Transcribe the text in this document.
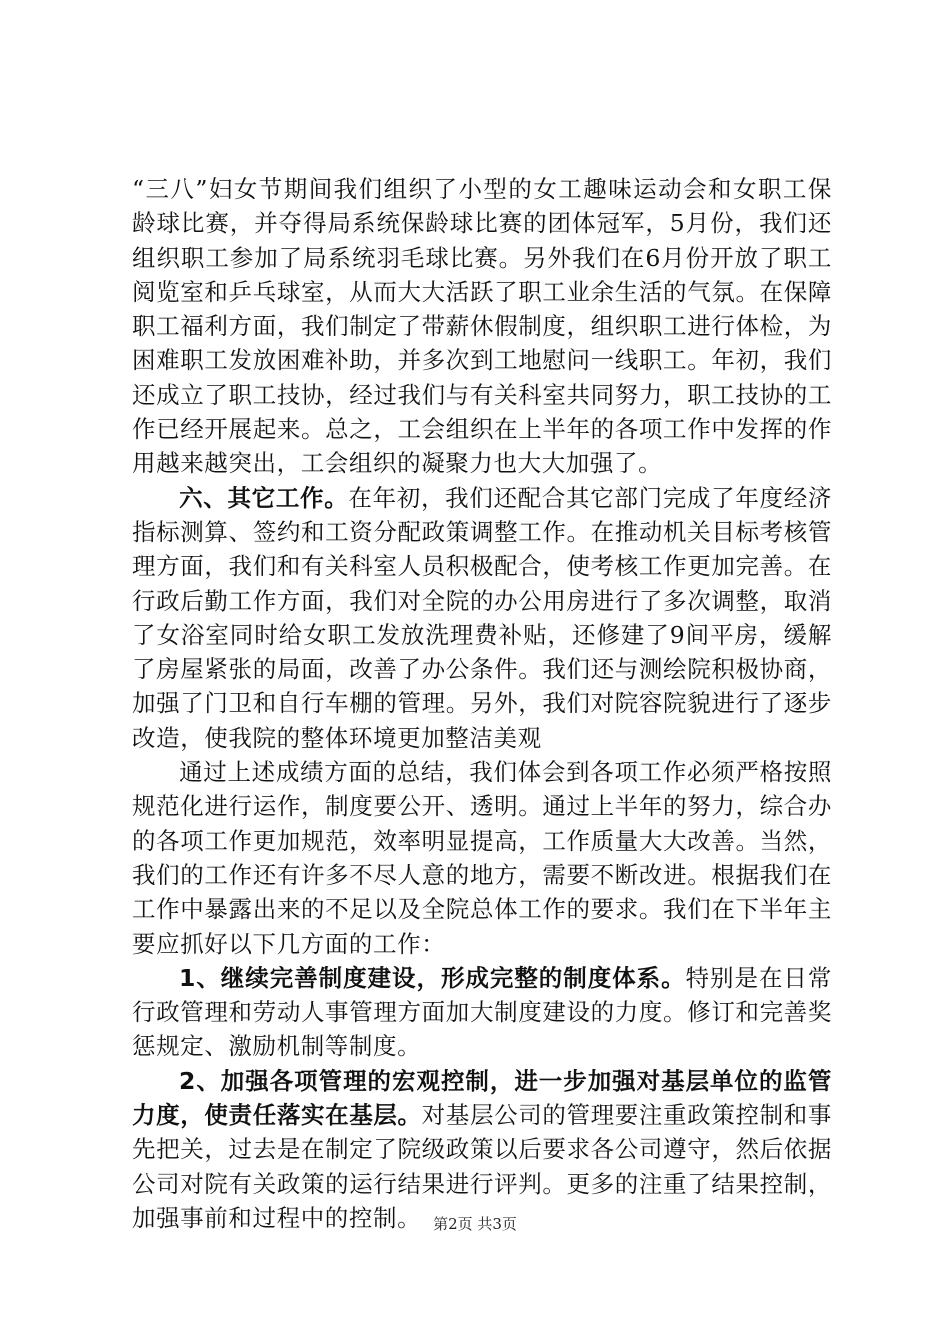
“三八”妇女节期间我们组织了小型的女工趣味运动会和女职工保龄球比赛，并夺得局系统保龄球比赛的团体冠军，5月份，我们还组织职工参加了局系统羽毛球比赛。另外我们在6月份开放了职工阅览室和乒乓球室，从而大大活跃了职工业余生活的气氛。在保障职工福利方面，我们制定了带薪休假制度，组织职工进行体检，为困难职工发放困难补助，并多次到工地慰问一线职工。年初，我们还成立了职工技协，经过我们与有关科室共同努力，职工技协的工作已经开展起来。总之，工会组织在上半年的各项工作中发挥的作用越来越突出，工会组织的凝聚力也大大加强了。

六、其它工作。在年初，我们还配合其它部门完成了年度经济指标测算、签约和工资分配政策调整工作。在推动机关目标考核管理方面，我们和有关科室人员积极配合，使考核工作更加完善。在行政后勤工作方面，我们对全院的办公用房进行了多次调整，取消了女浴室同时给女职工发放洗理费补贴，还修建了9间平房，缓解了房屋紧张的局面，改善了办公条件。我们还与测绘院积极协商，加强了门卫和自行车棚的管理。另外，我们对院容院貌进行了逐步改造，使我院的整体环境更加整洁美观

通过上述成绩方面的总结，我们体会到各项工作必须严格按照规范化进行运作，制度要公开、透明。通过上半年的努力，综合办的各项工作更加规范，效率明显提高，工作质量大大改善。当然，我们的工作还有许多不尽人意的地方，需要不断改进。根据我们在工作中暴露出来的不足以及全院总体工作的要求。我们在下半年主要应抓好以下几方面的工作：

1、继续完善制度建设，形成完整的制度体系。特别是在日常行政管理和劳动人事管理方面加大制度建设的力度。修订和完善奖惩规定、激励机制等制度。

2、加强各项管理的宏观控制，进一步加强对基层单位的监管力度，使责任落实在基层。对基层公司的管理要注重政策控制和事先把关，过去是在制定了院级政策以后要求各公司遵守，然后依据公司对院有关政策的运行结果进行评判。更多的注重了结果控制，加强事前和过程中的控制。 第2页 共3页
